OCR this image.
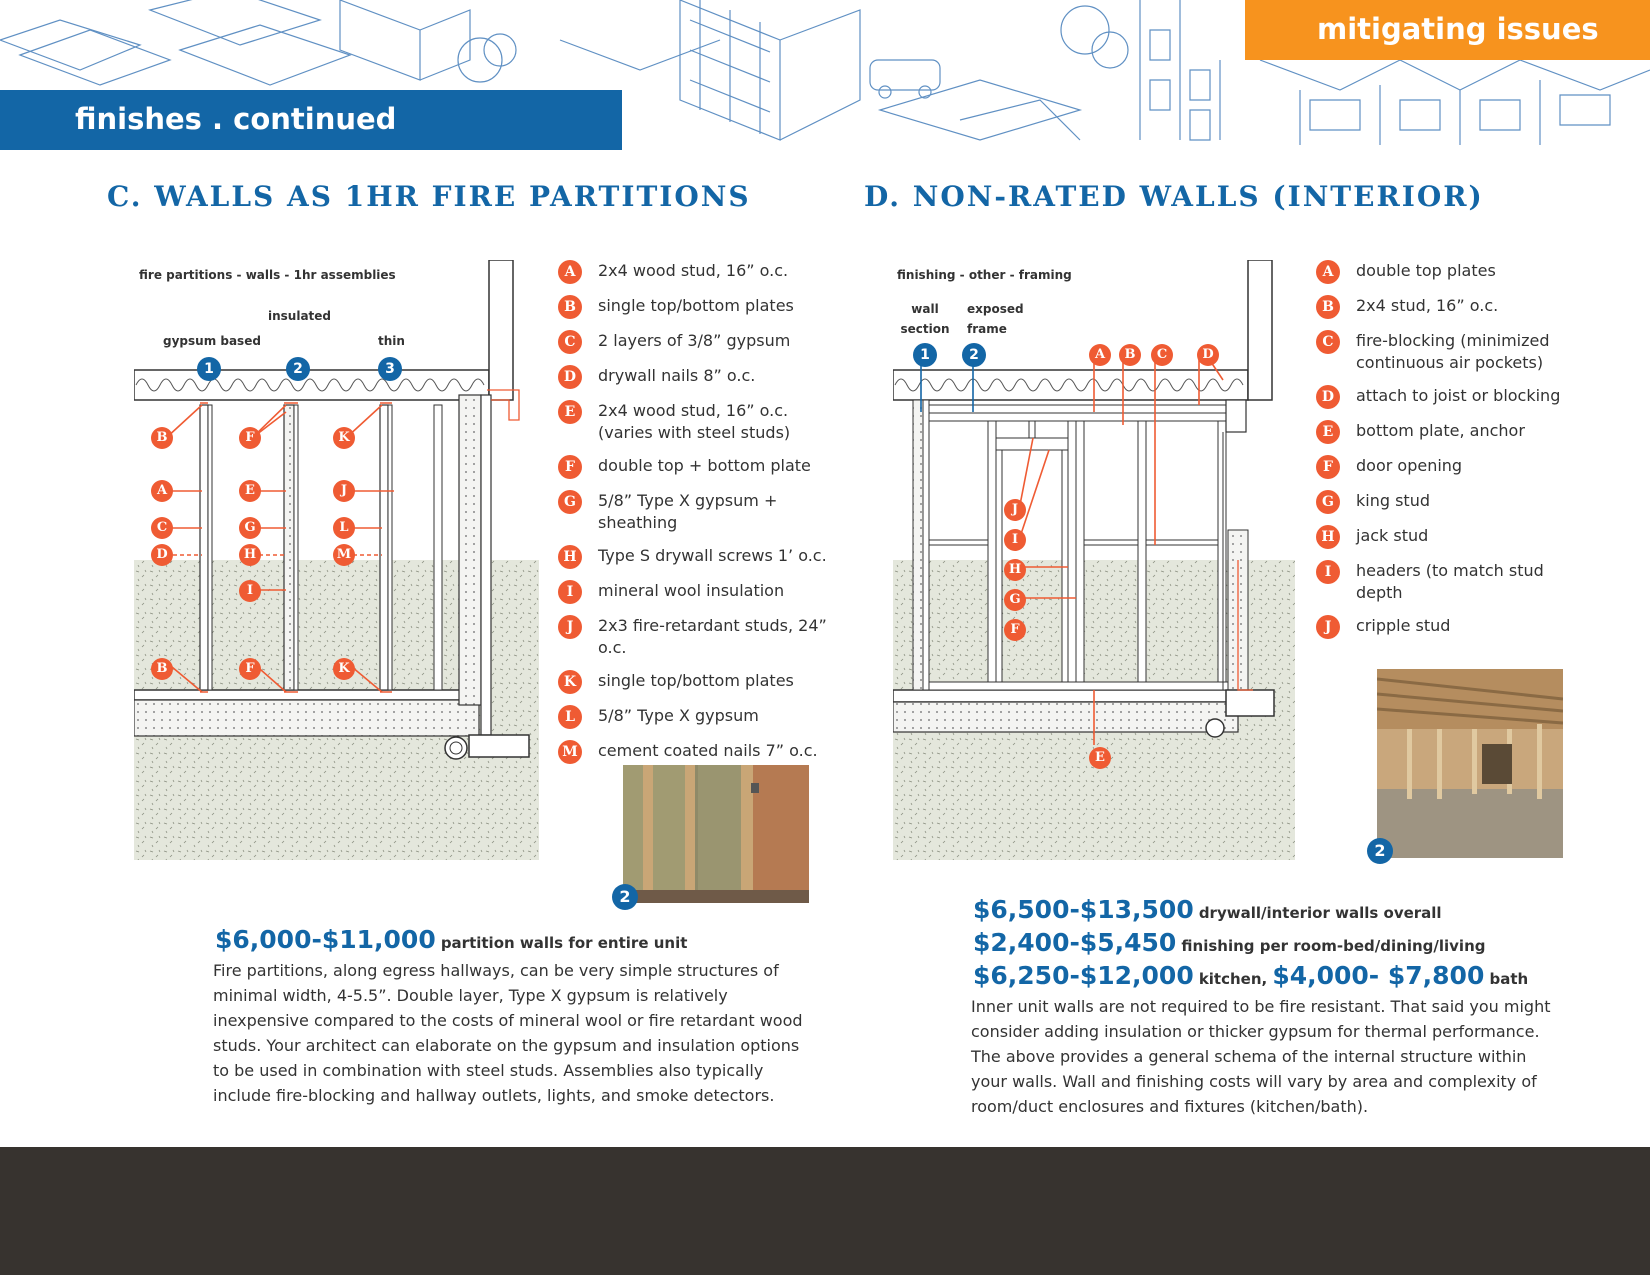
finishes . continued
mitigating issues
C. WALLS AS 1HR FIRE PARTITIONS
fire partitions - walls - 1hr assemblies
insulated
gypsum based	thin
1	2	3
B
A
C
D
B
F
E
G
H
I
F
K
J
L
M
K
A	2x4 wood stud, 16” o.c.
B	single top/bottom plates
C	2 layers of 3/8” gypsum
D	drywall nails 8” o.c.
E	2x4 wood stud, 16” o.c. (varies with steel studs)
F	double top + bottom plate
G	5/8” Type X gypsum + sheathing
H	Type S drywall screws 1’ o.c.
I	mineral wool insulation
J	2x3 fire-retardant studs, 24” o.c.
K	single top/bottom plates
L	5/8” Type X gypsum
M cement coated nails 7” o.c.
2
$6,000-$11,000 partition walls for entire unit
Fire partitions, along egress hallways, can be very simple structures of minimal width, 4-5.5”. Double layer, Type X gypsum is relatively inexpensive compared to the costs of mineral wool or fire retardant wood studs. Your architect can elaborate on the gypsum and insulation options to be used in combination with steel studs. Assemblies also typically include fire-blocking and hallway outlets, lights, and smoke detectors.
D. NON-RATED WALLS (INTERIOR)
finishing - other - framing
wall
section
exposed
frame
1	2	A	B	C	D
J
I
H
G
F
E
A	double top plates
B	2x4 stud, 16” o.c.
C	fire-blocking (minimized continuous air pockets)
D	attach to joist or blocking
E	bottom plate, anchor
F	door opening
G	king stud
H	jack stud
I	headers (to match stud depth
J	cripple stud
2
$6,500-$13,500 drywall/interior walls overall
$2,400-$5,450 finishing per room-bed/dining/living
$6,250-$12,000 kitchen, $4,000- $7,800 bath
Inner unit walls are not required to be fire resistant. That said you might consider adding insulation or thicker gypsum for thermal performance. The above provides a general schema of the internal structure within your walls. Wall and finishing costs will vary by area and complexity of room/duct enclosures and fixtures (kitchen/bath).
